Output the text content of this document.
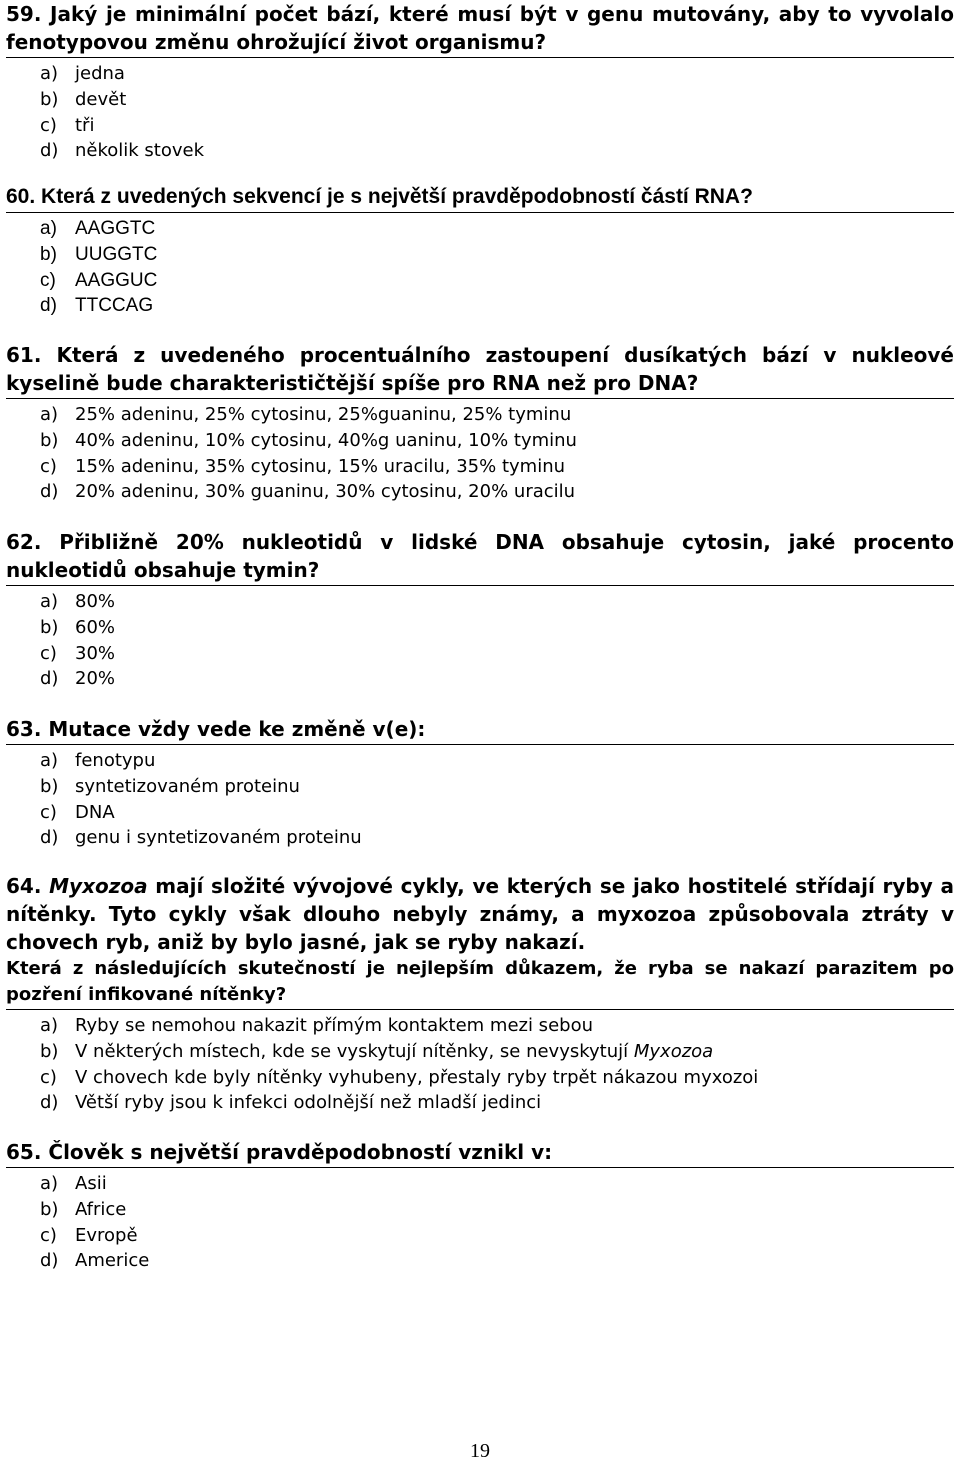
59. Jaký je minimální počet bází, které musí být v genu mutovány, aby to vyvolalo fenotypovou změnu ohrožující život organismu?
a) jedna
b) devět
c) tři
d) několik stovek
60. Která z uvedených sekvencí je s největší pravděpodobností částí RNA?
a) AAGGTC
b) UUGGTC
c) AAGGUC
d) TTCCAG
61. Která z uvedeného procentuálního zastoupení dusíkatých bází v nukleové kyselině bude charakterističtější spíše pro RNA než pro DNA?
a) 25% adeninu, 25% cytosinu, 25%guaninu, 25% tyminu
b) 40% adeninu, 10% cytosinu, 40%g uaninu, 10% tyminu
c) 15% adeninu, 35% cytosinu, 15% uracilu, 35% tyminu
d) 20% adeninu, 30% guaninu, 30% cytosinu, 20% uracilu
62. Přibližně 20% nukleotidů v lidské DNA obsahuje cytosin, jaké procento nukleotidů obsahuje tymin?
a) 80%
b) 60%
c) 30%
d) 20%
63. Mutace vždy vede ke změně v(e):
a) fenotypu
b) syntetizovaném proteinu
c) DNA
d) genu i syntetizovaném proteinu
64. Myxozoa mají složité vývojové cykly, ve kterých se jako hostitelé střídají ryby a nítěnky. Tyto cykly však dlouho nebyly známy, a myxozoa způsobovala ztráty v chovech ryb, aniž by bylo jasné, jak se ryby nakazí.
Která z následujících skutečností je nejlepším důkazem, že ryba se nakazí parazitem po pozření infikované nítěnky?
a) Ryby se nemohou nakazit přímým kontaktem mezi sebou
b) V některých místech, kde se vyskytují nítěnky, se nevyskytují Myxozoa
c) V chovech kde byly nítěnky vyhubeny, přestaly ryby trpět nákazou myxozoi
d) Větší ryby jsou k infekci odolnější než mladší jedinci
65. Člověk s největší pravděpodobností vznikl v:
a) Asii
b) Africe
c) Evropě
d) Americe
19
